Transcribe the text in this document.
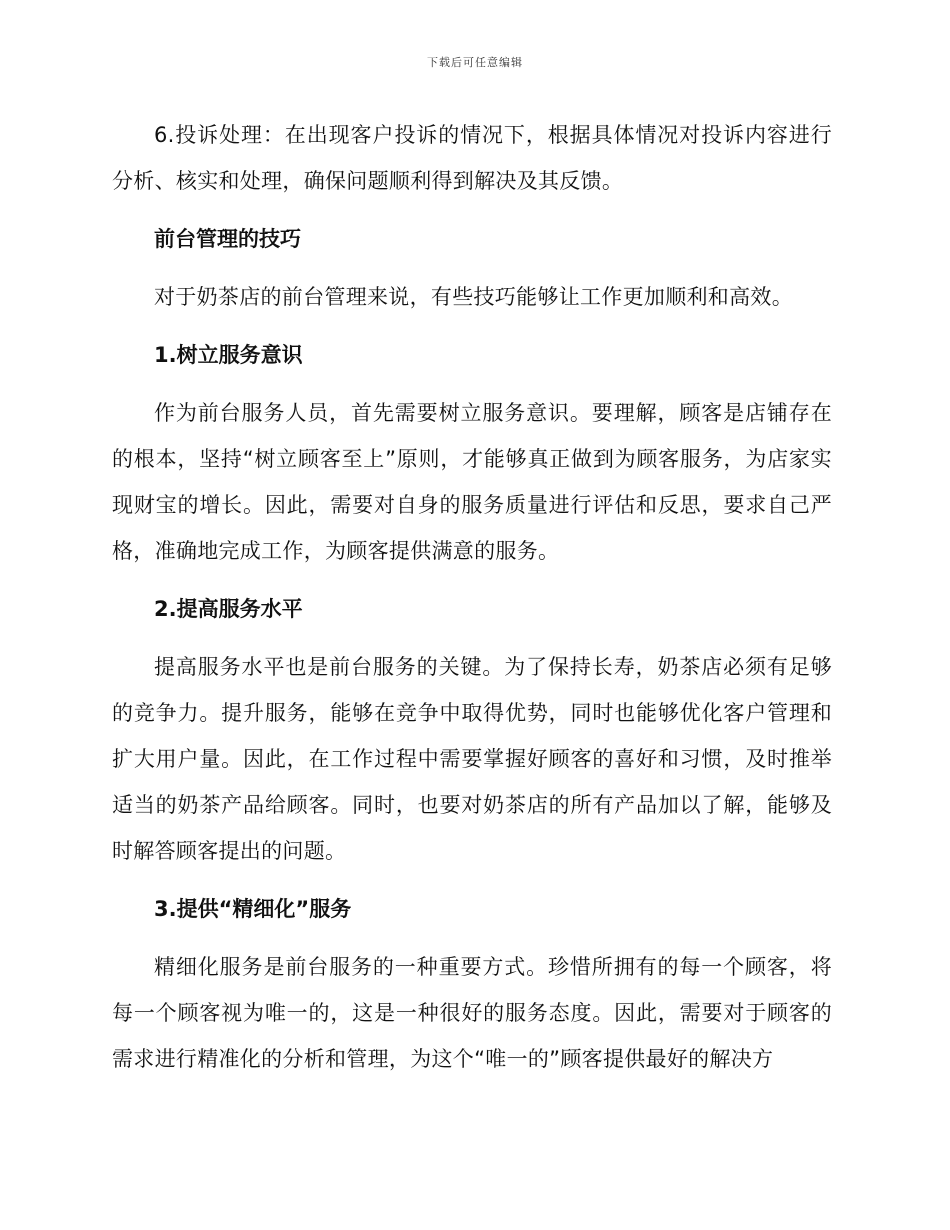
下载后可任意编辑

6.投诉处理：在出现客户投诉的情况下，根据具体情况对投诉内容进行分析、核实和处理，确保问题顺利得到解决及其反馈。

前台管理的技巧

对于奶茶店的前台管理来说，有些技巧能够让工作更加顺利和高效。

1.树立服务意识

作为前台服务人员，首先需要树立服务意识。要理解，顾客是店铺存在的根本，坚持“树立顾客至上”原则，才能够真正做到为顾客服务，为店家实现财宝的增长。因此，需要对自身的服务质量进行评估和反思，要求自己严格，准确地完成工作，为顾客提供满意的服务。

2.提高服务水平

提高服务水平也是前台服务的关键。为了保持长寿，奶茶店必须有足够的竞争力。提升服务，能够在竞争中取得优势，同时也能够优化客户管理和扩大用户量。因此，在工作过程中需要掌握好顾客的喜好和习惯，及时推举适当的奶茶产品给顾客。同时，也要对奶茶店的所有产品加以了解，能够及时解答顾客提出的问题。

3.提供“精细化”服务

精细化服务是前台服务的一种重要方式。珍惜所拥有的每一个顾客，将每一个顾客视为唯一的，这是一种很好的服务态度。因此，需要对于顾客的需求进行精准化的分析和管理，为这个“唯一的”顾客提供最好的解决方
